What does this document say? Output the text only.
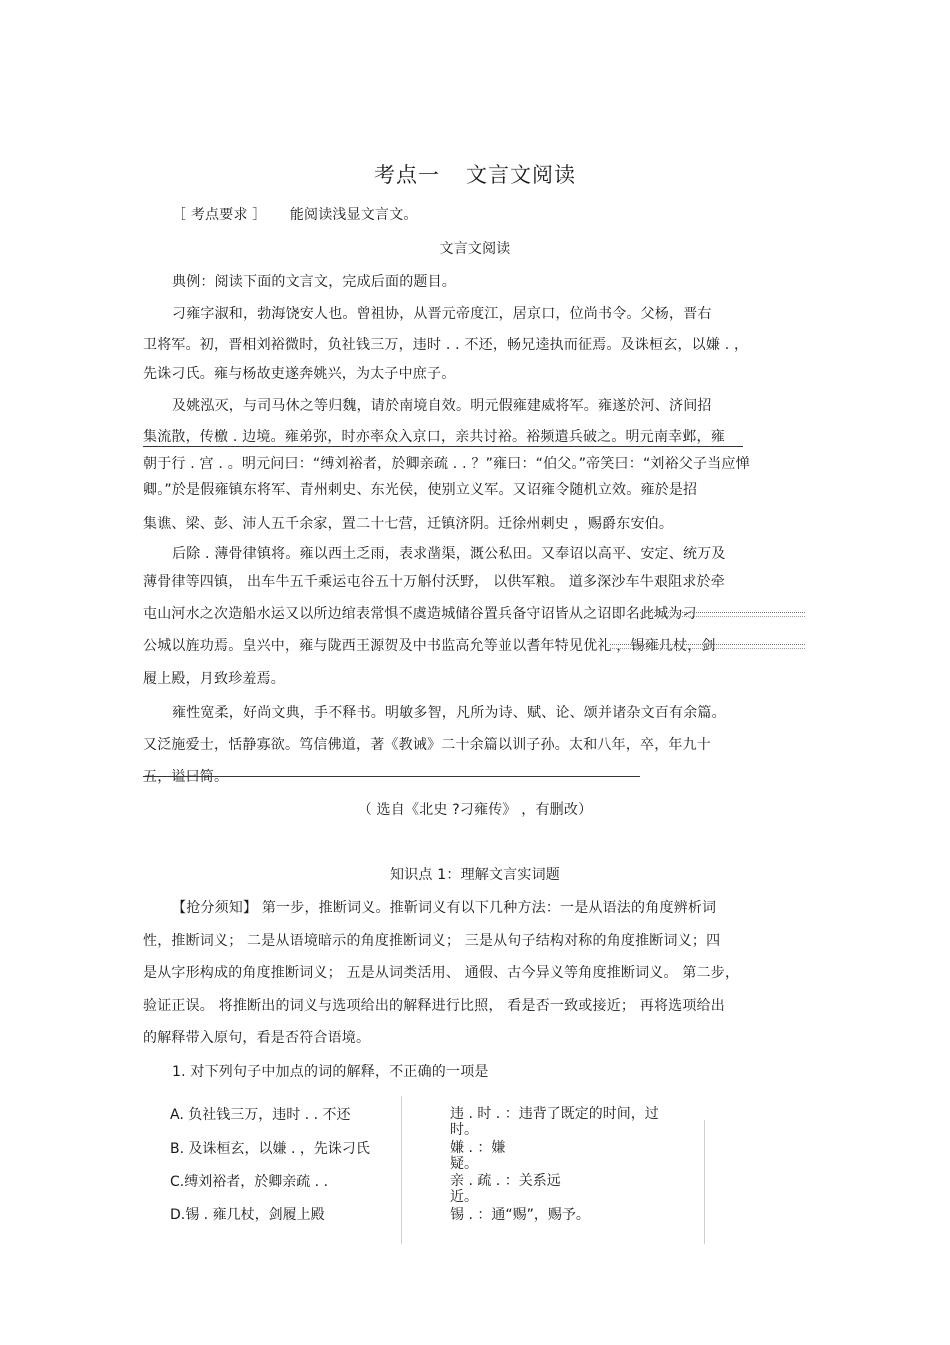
考点一 文言文阅读
［ 考点要求 ］ 能阅读浅显文言文。
文言文阅读
典例：阅读下面的文言文，完成后面的题目。
刁雍字淑和，勃海饶安人也。曾祖协，从晋元帝度江，居京口，位尚书令。父杨，晋右
卫将军。初，晋相刘裕微时，负社钱三万，违时 . . 不还，畅兄逵执而征焉。及诛桓玄，以嫌 . ，
先诛刁氏。雍与杨故吏遂奔姚兴，为太子中庶子。
及姚泓灭，与司马休之等归魏，请於南境自效。明元假雍建威将军。雍遂於河、济间招
集流散，传檄 . 边境。雍弟弥，时亦率众入京口，亲共讨裕。裕频遣兵破之。明元南幸邺，雍
朝于行 . 宫 . 。明元问曰：“缚刘裕者，於卿亲疏 . . ？”雍曰：“伯父。”帝笑曰：“刘裕父子当应惮
卿。”於是假雍镇东将军、青州刺史、东光侯，使别立义军。又诏雍令随机立效。雍於是招
集谯、梁、彭、沛人五千余家，置二十七营，迁镇济阴。迁徐州刺史 ，赐爵东安伯。
后除 . 薄骨律镇将。雍以西土乏雨，表求凿渠，溉公私田。又奉诏以高平、安定、统万及
薄骨律等四镇， 出车牛五千乘运屯谷五十万斛付沃野， 以供军粮。 道多深沙车牛艰阻求於牵
屯山河水之次造船水运又以所边绾表常惧不虞造城储谷置兵备守诏皆从之诏即名此城为刁
公城以旌功焉。皇兴中，雍与陇西王源贺及中书监高允等並以耆年特见优礼 ，锡雍几杖，剑
履上殿，月致珍羞焉。
雍性宽柔，好尚文典，手不释书。明敏多智，凡所为诗、赋、论、颂并诸杂文百有余篇。
又泛施爱士，恬静寡欲。笃信佛道，著《教诫》二十余篇以训子孙。太和八年，卒，年九十
五，谥曰简。
（ 选自《北史 ?刁雍传》 ，有删改）
知识点 1：理解文言实词题
【抢分须知】 第一步，推断词义。推靳词义有以下几种方法：一是从语法的角度辨析词
性，推断词义； 二是从语境暗示的角度推断词义； 三是从句子结构对称的角度推断词义；四
是从字形构成的角度推断词义； 五是从词类活用、 通假、古今异义等角度推断词义。 第二步，
验证正误。 将推断出的词义与选项给出的解释进行比照， 看是否一致或接近； 再将选项给出
的解释带入原句，看是否符合语境。
1. 对下列句子中加点的词的解释，不正确的一项是
A. 负社钱三万，违时 . . 不还
B. 及诛桓玄，以嫌 . ，先诛刁氏
C.缚刘裕者，於卿亲疏 . .
D.锡 . 雍几杖，剑履上殿
违 . 时 . ：违背了既定的时间，过时。
嫌 . ：嫌疑。
亲 . 疏 . ：关系远近。
锡 . ：通“赐”，赐予。
